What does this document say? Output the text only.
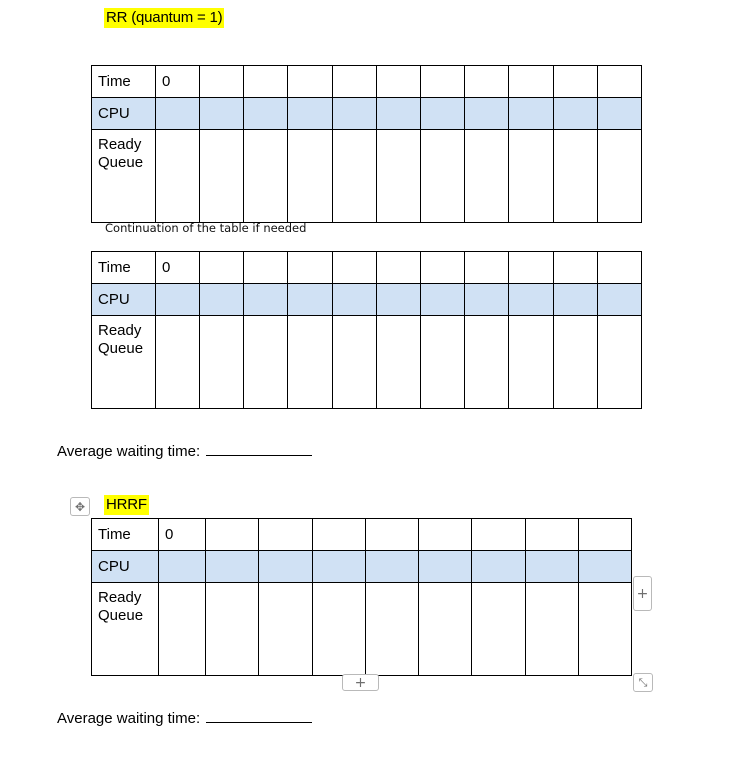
RR (quantum = 1)
Time	0										
CPU											
Ready
Queue											
Continuation of the table if needed
Time	0										
CPU											
Ready
Queue											
Average waiting time:
✥	HRRF
Time	0								
CPU									
Ready
Queue									
+
+	⤡
Average waiting time:
